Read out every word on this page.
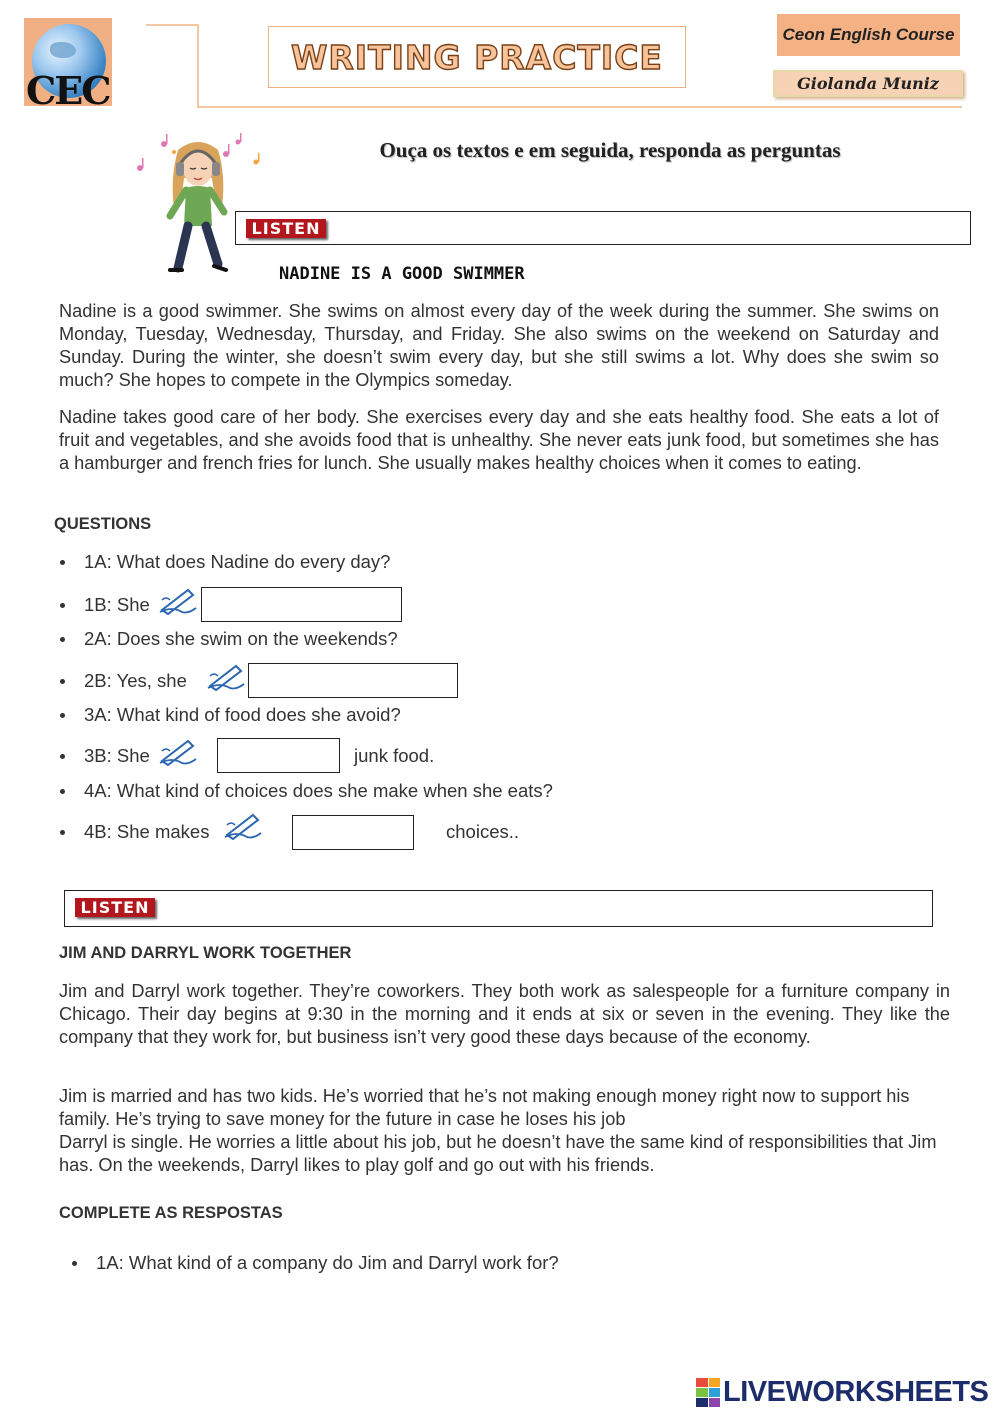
CEC
WRITING PRACTICE
Ceon English Course
Giolanda Muniz
Ouça os textos e em seguida, responda as perguntas
LISTEN
NADINE IS A GOOD SWIMMER

Nadine is a good swimmer. She swims on almost every day of the week during the summer. She swims on Monday, Tuesday, Wednesday, Thursday, and Friday. She also swims on the weekend on Saturday and Sunday. During the winter, she doesn’t swim every day, but she still swims a lot. Why does she swim so much? She hopes to compete in the Olympics someday.

Nadine takes good care of her body. She exercises every day and she eats healthy food. She eats a lot of fruit and vegetables, and she avoids food that is unhealthy. She never eats junk food, but sometimes she has a hamburger and french fries for lunch. She usually makes healthy choices when it comes to eating.

QUESTIONS
1A: What does Nadine do every day?
1B: She
2A: Does she swim on the weekends?
2B: Yes, she
3A: What kind of food does she avoid?
3B: She	junk food.
4A: What kind of choices does she make when she eats?
4B: She makes	choices..
LISTEN
JIM AND DARRYL WORK TOGETHER

Jim and Darryl work together. They’re coworkers. They both work as salespeople for a furniture company in Chicago. Their day begins at 9:30 in the morning and it ends at six or seven in the evening. They like the company that they work for, but business isn’t very good these days because of the economy.

Jim is married and has two kids. He’s worried that he’s not making enough money right now to support his family. He’s trying to save money for the future in case he loses his job

Darryl is single. He worries a little about his job, but he doesn’t have the same kind of responsibilities that Jim has. On the weekends, Darryl likes to play golf and go out with his friends.

COMPLETE AS RESPOSTAS
1A: What kind of a company do Jim and Darryl work for?
LIVEWORKSHEETS
